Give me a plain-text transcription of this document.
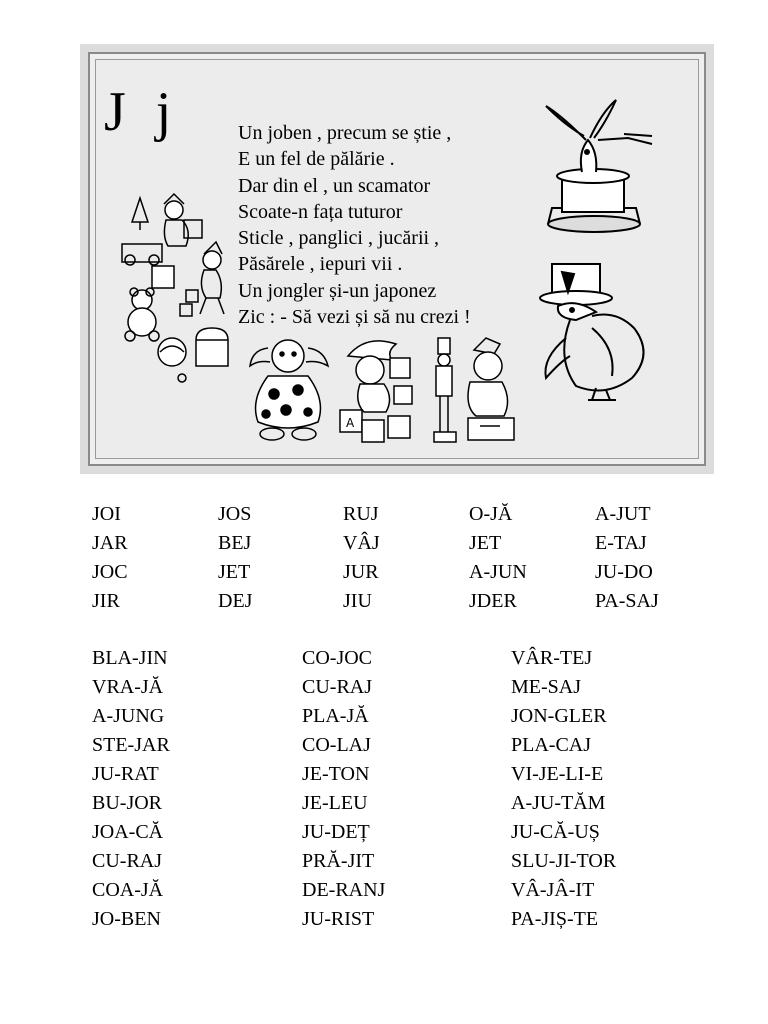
J j	Un joben , precum se știe ,
E un fel de pălărie .
Dar din el , un scamator
Scoate-n fața tuturor
Sticle , panglici , jucării ,
Păsărele , iepuri vii .
Un jongler și-un japonez
Zic : - Să vezi și să nu crezi !
A
JOI	JOS	RUJ	O-JĂ	A-JUT
JAR	BEJ	VÂJ	JET	E-TAJ
JOC	JET	JUR	A-JUN	JU-DO
JIR	DEJ	JIU	JDER	PA-SAJ
BLA-JIN	CO-JOC	VÂR-TEJ
VRA-JĂ	CU-RAJ	ME-SAJ
A-JUNG	PLA-JĂ	JON-GLER
STE-JAR	CO-LAJ	PLA-CAJ
JU-RAT	JE-TON	VI-JE-LI-E
BU-JOR	JE-LEU	A-JU-TĂM
JOA-CĂ	JU-DEȚ	JU-CĂ-UȘ
CU-RAJ	PRĂ-JIT	SLU-JI-TOR
COA-JĂ	DE-RANJ	VÂ-JÂ-IT
JO-BEN	JU-RIST	PA-JIȘ-TE
